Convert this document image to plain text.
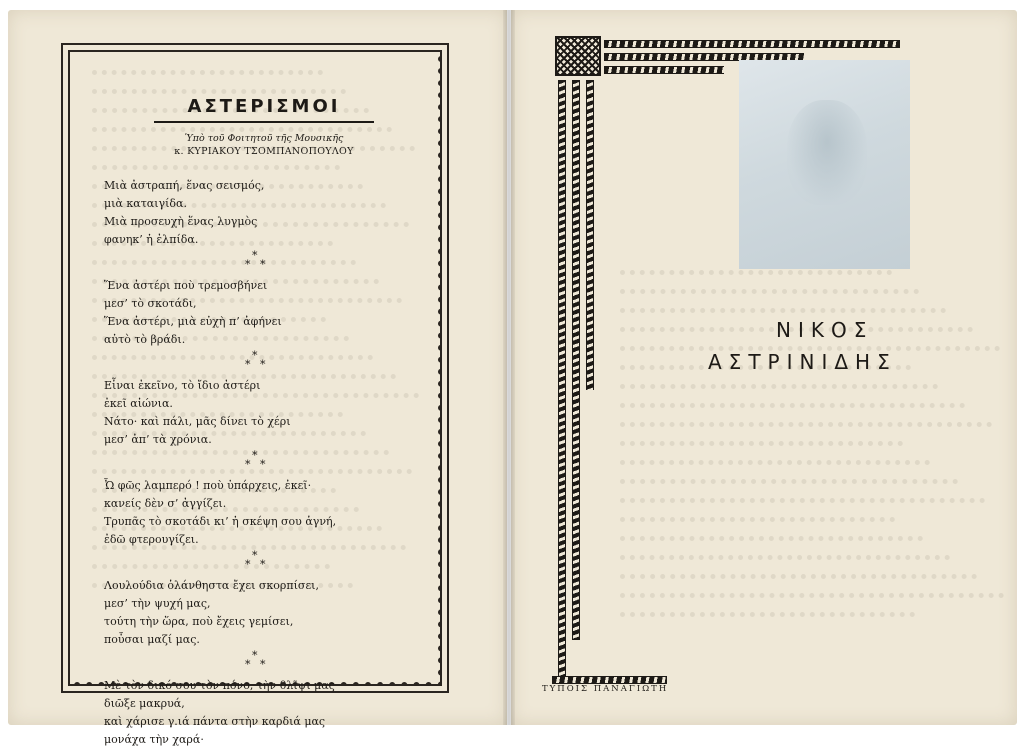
ΑΣΤΕΡΙΣΜΟΙ
Ὑπὸ τοῦ Φοιτητοῦ τῆς Μουσικῆς
κ. ΚΥΡΙΑΚΟΥ ΤΣΟΜΠΑΝΟΠΟΥΛΟΥ
Μιὰ ἀστραπή, ἕνας σεισμός,
μιὰ καταιγίδα.
Μιὰ προσευχὴ ἕνας λυγμὸς
φανηκ’ ἡ ἐλπίδα.
*
* *
Ἕνα ἀστέρι ποὺ τρεμοσβήνει
μεσ’ τὸ σκοτάδι,
Ἕνα ἀστέρι, μιὰ εὐχὴ π’ ἀφήνει
αὐτὸ τὸ βράδι.
*
* *
Εἶναι ἐκεῖνο, τὸ ἴδιο ἀστέρι
ἐκεῖ αἰώνια.
Νάτο· καὶ πάλι, μᾶς δίνει τὸ χέρι
μεσ’ ἀπ’ τὰ χρόνια.
*
* *
Ὦ φῶς λαμπερό ! ποὺ ὑπάρχεις, ἐκεῖ·
κανείς δὲν σ’ ἀγγίζει.
Τρυπᾶς τὸ σκοτάδι κι’ ἡ σκέψη σου ἁγνή,
ἐδῶ φτερουγίζει.
*
* *
Λουλούδια ὁλάνθηστα ἔχει σκορπίσει,
μεσ’ τὴν ψυχή μας,
τούτη τὴν ὥρα, ποὺ ἔχεις γεμίσει,
ποὖσαι μαζί μας.
*
* *
Μὲ τὸν δικό σου τὸν πόνο, τὴν θλῖψι μας
διῶξε μακρυά,
καὶ χάρισε γ.ιά πάντα στὴν καρδιά μας
μονάχα τὴν χαρά·
ΝΙΚΟΣ
ΑΣΤΡΙΝΙΔΗΣ
ΤΥΠΟΙΣ ΠΑΝΑΓΙΩΤΗ
